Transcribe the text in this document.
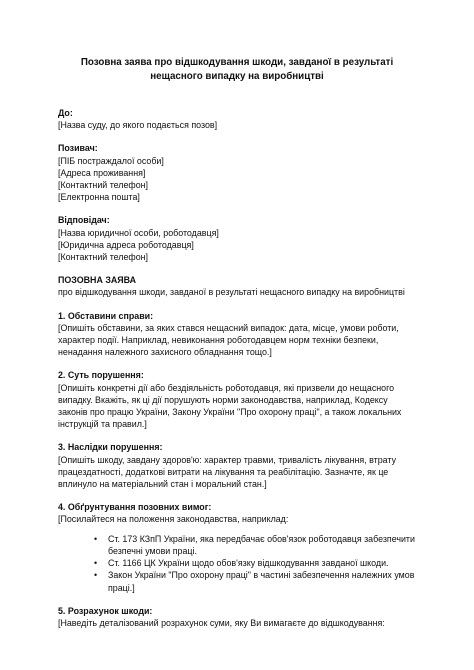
Позовна заява про відшкодування шкоди, завданої в результаті нещасного випадку на виробництві
До:
[Назва суду, до якого подається позов]
Позивач:
[ПІБ постраждалої особи]
[Адреса проживання]
[Контактний телефон]
[Електронна пошта]
Відповідач:
[Назва юридичної особи, роботодавця]
[Юридична адреса роботодавця]
[Контактний телефон]
ПОЗОВНА ЗАЯВА
про відшкодування шкоди, завданої в результаті нещасного випадку на виробництві
1. Обставини справи:
[Опишіть обставини, за яких стався нещасний випадок: дата, місце, умови роботи, характер події. Наприклад, невиконання роботодавцем норм техніки безпеки, ненадання належного захисного обладнання тощо.]
2. Суть порушення:
[Опишіть конкретні дії або бездіяльність роботодавця, які призвели до нещасного випадку. Вкажіть, як ці дії порушують норми законодавства, наприклад, Кодексу законів про працю України, Закону України "Про охорону праці", а також локальних інструкцій та правил.]
3. Наслідки порушення:
[Опишіть шкоду, завдану здоров'ю: характер травми, тривалість лікування, втрату працездатності, додаткові витрати на лікування та реабілітацію. Зазначте, як це вплинуло на матеріальний стан і моральний стан.]
4. Обґрунтування позовних вимог:
[Посилайтеся на положення законодавства, наприклад:
• Ст. 173 КЗпП України, яка передбачає обов'язок роботодавця забезпечити безпечні умови праці.
• Ст. 1166 ЦК України щодо обов'язку відшкодування завданої шкоди.
• Закон України "Про охорону праці" в частині забезпечення належних умов праці.]
5. Розрахунок шкоди:
[Наведіть деталізований розрахунок суми, яку Ви вимагаєте до відшкодування:
